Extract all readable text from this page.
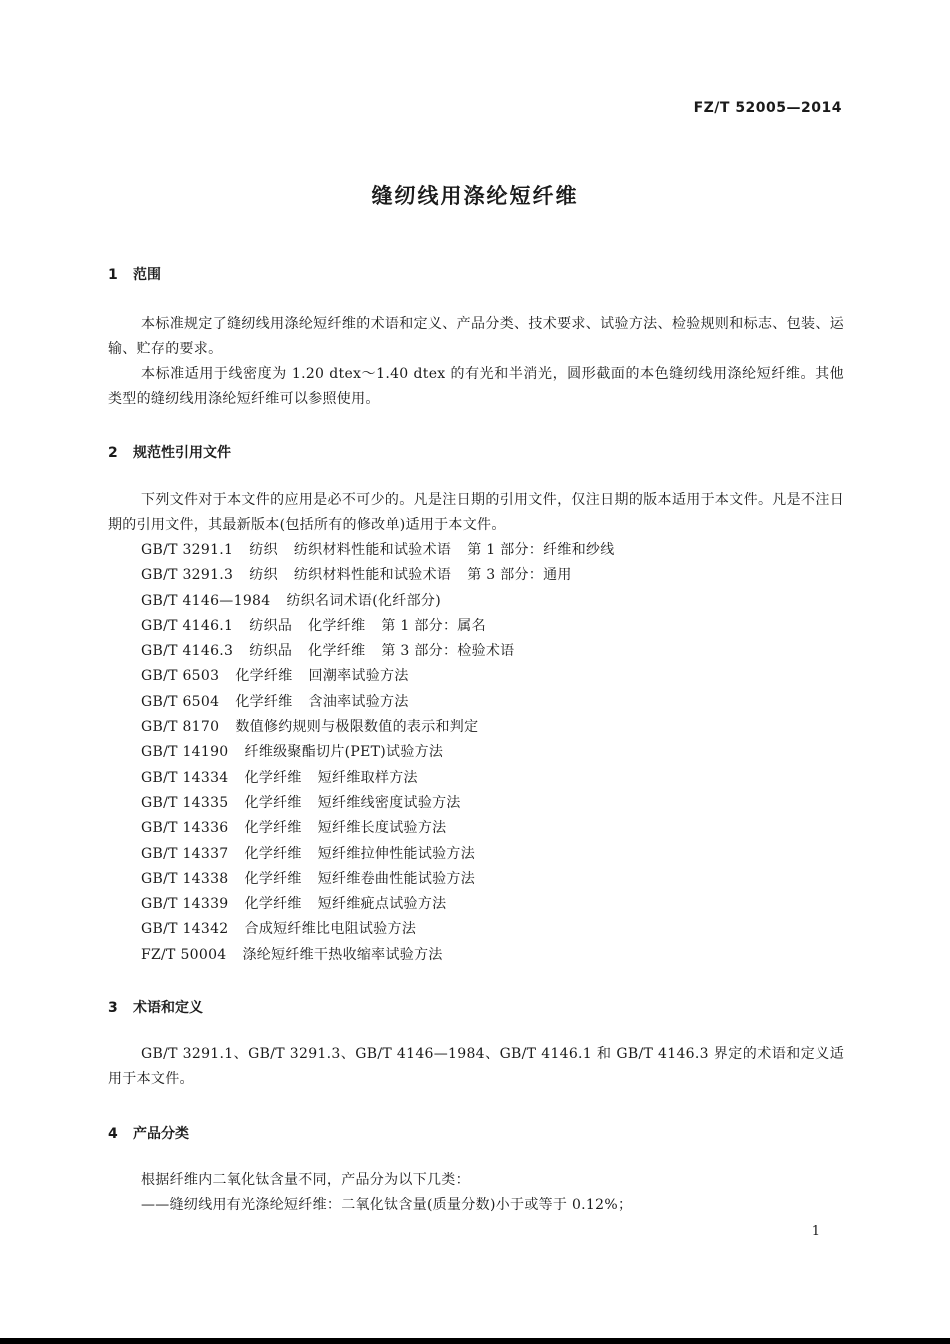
FZ/T 52005—2014
缝纫线用涤纶短纤维
1 范围
本标准规定了缝纫线用涤纶短纤维的术语和定义、产品分类、技术要求、试验方法、检验规则和标志、包装、运输、贮存的要求。
本标准适用于线密度为 1.20 dtex～1.40 dtex 的有光和半消光，圆形截面的本色缝纫线用涤纶短纤维。其他类型的缝纫线用涤纶短纤维可以参照使用。
2 规范性引用文件
下列文件对于本文件的应用是必不可少的。凡是注日期的引用文件，仅注日期的版本适用于本文件。凡是不注日期的引用文件，其最新版本(包括所有的修改单)适用于本文件。
GB/T 3291.1 纺织 纺织材料性能和试验术语 第 1 部分：纤维和纱线
GB/T 3291.3 纺织 纺织材料性能和试验术语 第 3 部分：通用
GB/T 4146—1984 纺织名词术语(化纤部分)
GB/T 4146.1 纺织品 化学纤维 第 1 部分：属名
GB/T 4146.3 纺织品 化学纤维 第 3 部分：检验术语
GB/T 6503 化学纤维 回潮率试验方法
GB/T 6504 化学纤维 含油率试验方法
GB/T 8170 数值修约规则与极限数值的表示和判定
GB/T 14190 纤维级聚酯切片(PET)试验方法
GB/T 14334 化学纤维 短纤维取样方法
GB/T 14335 化学纤维 短纤维线密度试验方法
GB/T 14336 化学纤维 短纤维长度试验方法
GB/T 14337 化学纤维 短纤维拉伸性能试验方法
GB/T 14338 化学纤维 短纤维卷曲性能试验方法
GB/T 14339 化学纤维 短纤维疵点试验方法
GB/T 14342 合成短纤维比电阻试验方法
FZ/T 50004 涤纶短纤维干热收缩率试验方法
3 术语和定义
GB/T 3291.1、GB/T 3291.3、GB/T 4146—1984、GB/T 4146.1 和 GB/T 4146.3 界定的术语和定义适用于本文件。
4 产品分类
根据纤维内二氧化钛含量不同，产品分为以下几类：
——缝纫线用有光涤纶短纤维：二氧化钛含量(质量分数)小于或等于 0.12%；
1
